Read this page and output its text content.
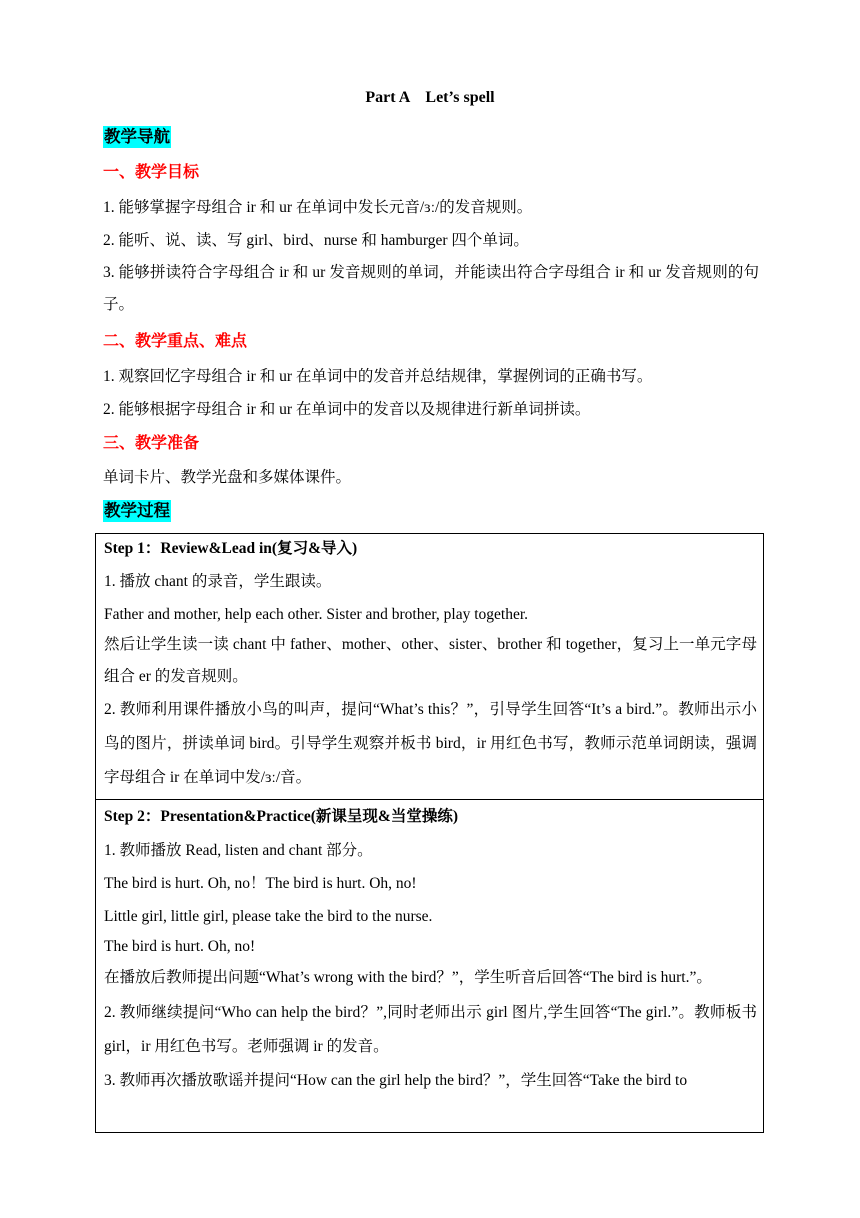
Part A　Let’s spell
教学导航
一、教学目标
1. 能够掌握字母组合 ir 和 ur 在单词中发长元音/ɜː/的发音规则。
2. 能听、说、读、写 girl、bird、nurse 和 hamburger 四个单词。
3. 能够拼读符合字母组合 ir 和 ur 发音规则的单词，并能读出符合字母组合 ir 和 ur 发音规则的句子。
二、教学重点、难点
1. 观察回忆字母组合 ir 和 ur 在单词中的发音并总结规律，掌握例词的正确书写。
2. 能够根据字母组合 ir 和 ur 在单词中的发音以及规律进行新单词拼读。
三、教学准备
单词卡片、教学光盘和多媒体课件。
教学过程
Step 1：Review&Lead in(复习&导入)
1. 播放 chant 的录音，学生跟读。
Father and mother, help each other. Sister and brother, play together.
然后让学生读一读 chant 中 father、mother、other、sister、brother 和 together，复习上一单元字母组合 er 的发音规则。
2. 教师利用课件播放小鸟的叫声，提问“What’s this？”，引导学生回答“It’s a bird.”。教师出示小鸟的图片，拼读单词 bird。引导学生观察并板书 bird，ir 用红色书写，教师示范单词朗读，强调字母组合 ir 在单词中发/ɜː/音。
Step 2：Presentation&Practice(新课呈现&当堂操练)
1. 教师播放 Read, listen and chant 部分。
The bird is hurt. Oh, no！The bird is hurt. Oh, no!
Little girl, little girl, please take the bird to the nurse.
The bird is hurt. Oh, no!
在播放后教师提出问题“What’s wrong with the bird？”，学生听音后回答“The bird is hurt.”。
2. 教师继续提问“Who can help the bird？”,同时老师出示 girl 图片,学生回答“The girl.”。教师板书 girl，ir 用红色书写。老师强调 ir 的发音。
3. 教师再次播放歌谣并提问“How can the girl help the bird？”，学生回答“Take the bird to
